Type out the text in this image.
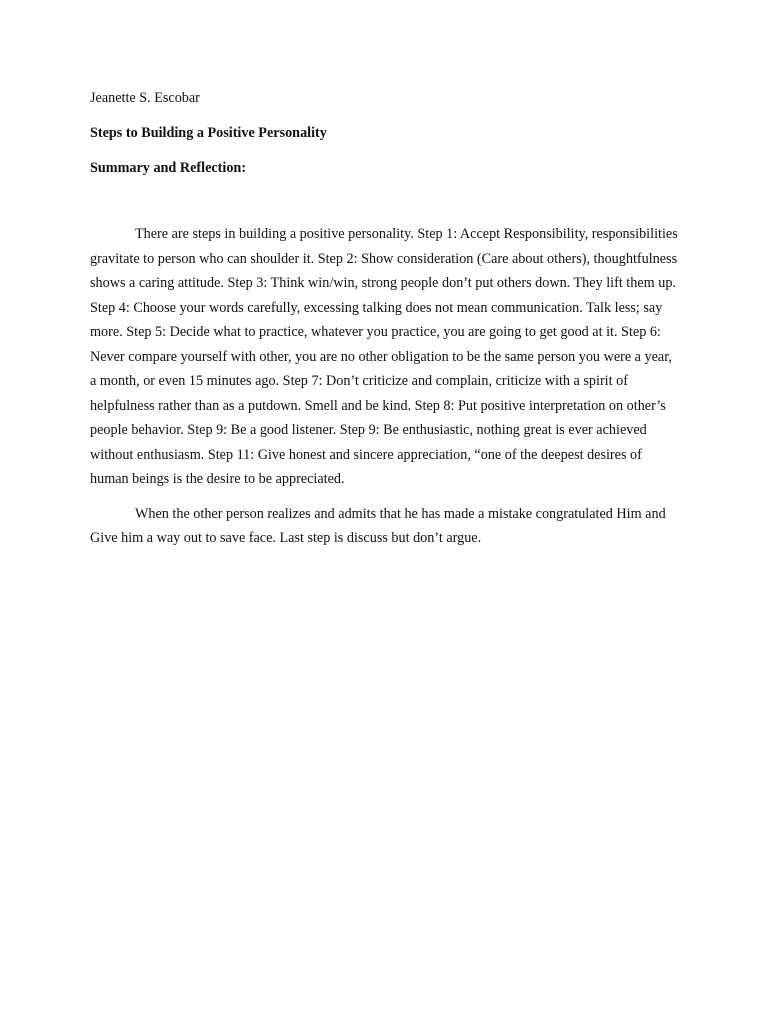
Jeanette S. Escobar

Steps to Building a Positive Personality

Summary and Reflection:

There are steps in building a positive personality. Step 1: Accept Responsibility, responsibilities gravitate to person who can shoulder it. Step 2: Show consideration (Care about others), thoughtfulness shows a caring attitude. Step 3: Think win/win, strong people don’t put others down. They lift them up. Step 4: Choose your words carefully, excessing talking does not mean communication. Talk less; say more. Step 5: Decide what to practice, whatever you practice, you are going to get good at it. Step 6: Never compare yourself with other, you are no other obligation to be the same person you were a year, a month, or even 15 minutes ago. Step 7: Don’t criticize and complain, criticize with a spirit of helpfulness rather than as a putdown. Smell and be kind. Step 8: Put positive interpretation on other’s people behavior. Step 9: Be a good listener. Step 9: Be enthusiastic, nothing great is ever achieved without enthusiasm. Step 11: Give honest and sincere appreciation, “one of the deepest desires of human beings is the desire to be appreciated.

When the other person realizes and admits that he has made a mistake congratulated Him and Give him a way out to save face. Last step is discuss but don’t argue.
